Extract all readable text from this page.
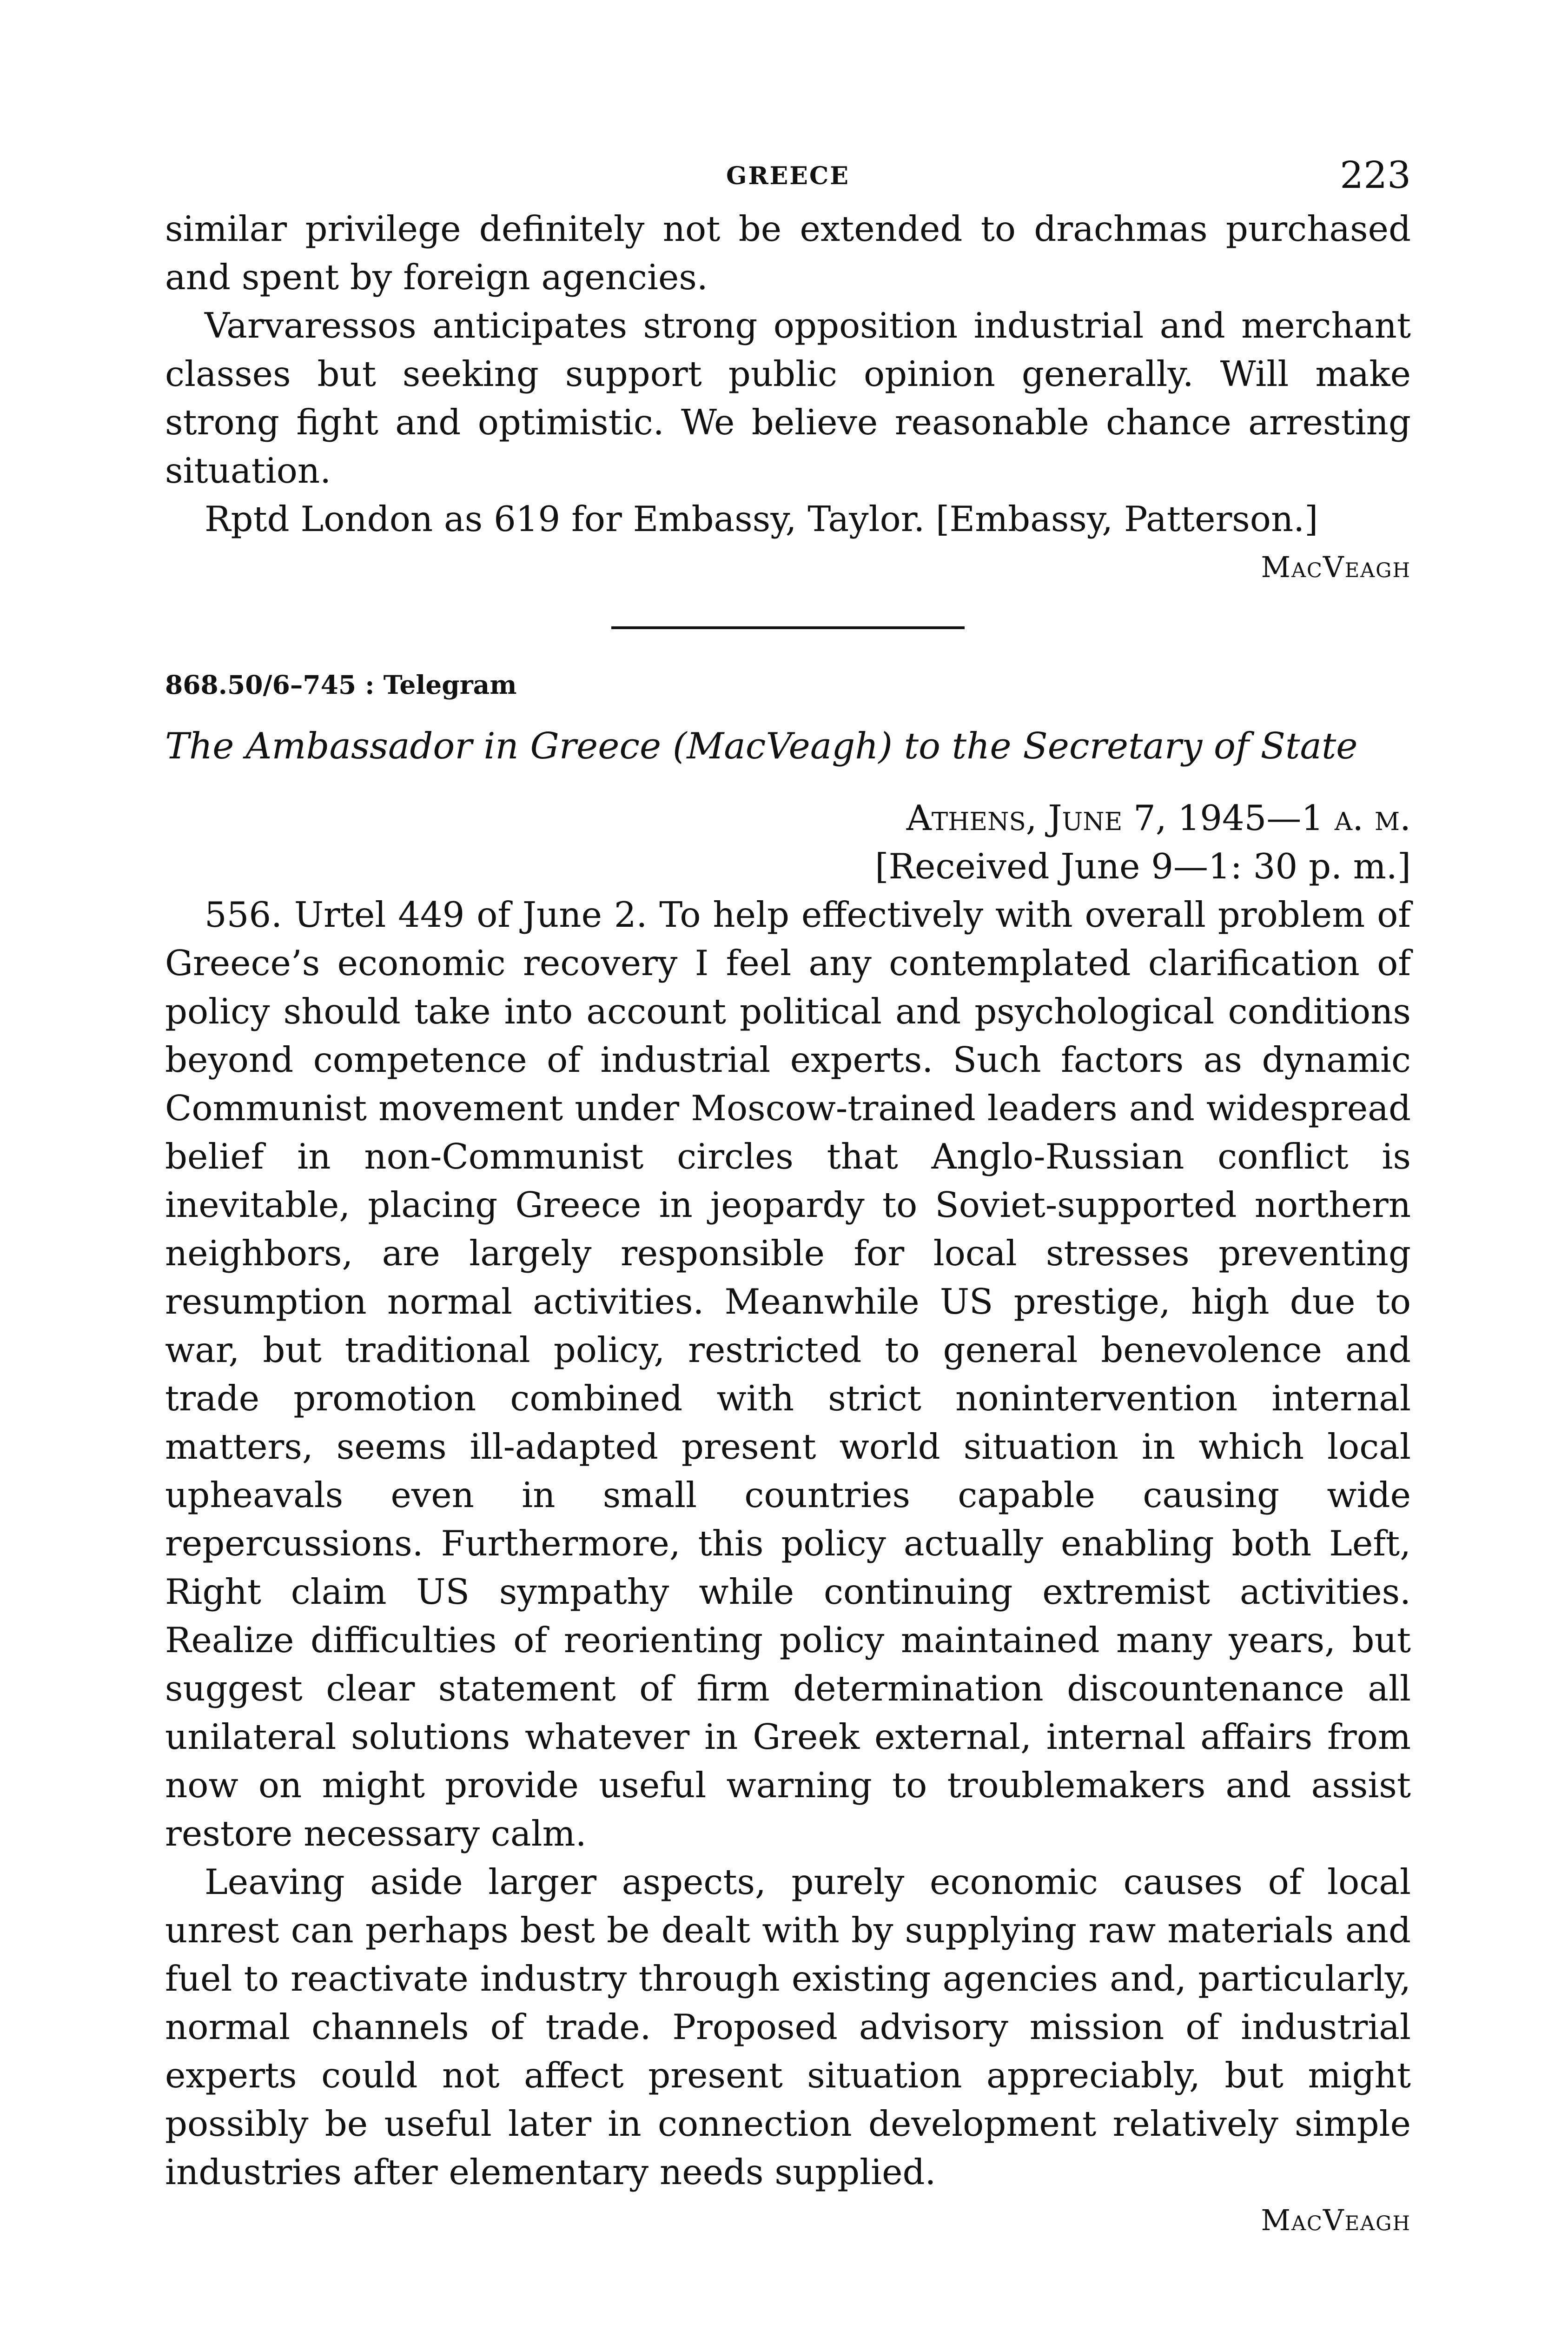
GREECE	223

similar privilege definitely not be extended to drachmas purchased and spent by foreign agencies.

Varvaressos anticipates strong opposition industrial and merchant classes but seeking support public opinion generally. Will make strong fight and optimistic. We believe reasonable chance arresting situation.

Rptd London as 619 for Embassy, Taylor. [Embassy, Patterson.]

MacVeagh
868.50/6–745 : Telegram
The Ambassador in Greece (MacVeagh) to the Secretary of State
Athens, June 7, 1945—1 a. m.
[Received June 9—1: 30 p. m.]

556. Urtel 449 of June 2. To help effectively with overall problem of Greece’s economic recovery I feel any contemplated clarification of policy should take into account political and psychological conditions beyond competence of industrial experts. Such factors as dynamic Communist movement under Moscow-trained leaders and widespread belief in non-Communist circles that Anglo-Russian conflict is inevitable, placing Greece in jeopardy to Soviet-supported northern neighbors, are largely responsible for local stresses preventing resumption normal activities. Meanwhile US prestige, high due to war, but traditional policy, restricted to general benevolence and trade promotion combined with strict nonintervention internal matters, seems ill-adapted present world situation in which local upheavals even in small countries capable causing wide repercussions. Furthermore, this policy actually enabling both Left, Right claim US sympathy while continuing extremist activities. Realize difficulties of reorienting policy maintained many years, but suggest clear statement of firm determination discountenance all unilateral solutions whatever in Greek external, internal affairs from now on might provide useful warning to troublemakers and assist restore necessary calm.

Leaving aside larger aspects, purely economic causes of local unrest can perhaps best be dealt with by supplying raw materials and fuel to reactivate industry through existing agencies and, particularly, normal channels of trade. Proposed advisory mission of industrial experts could not affect present situation appreciably, but might possibly be useful later in connection development relatively simple industries after elementary needs supplied.

MacVeagh
